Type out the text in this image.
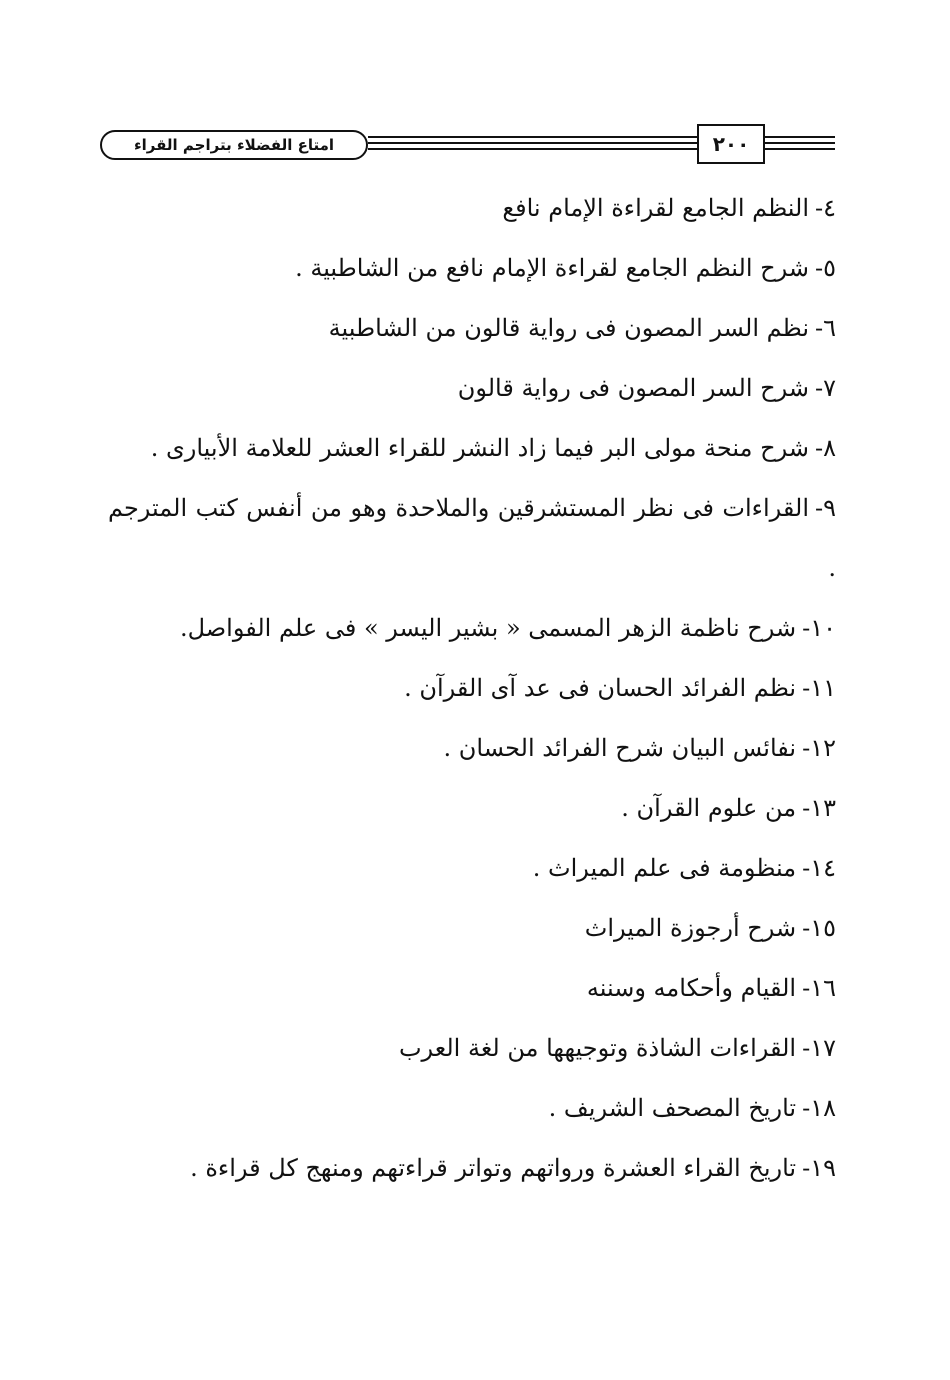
امتاع الفضلاء بتراجم القراء	٢٠٠

٤-النظم الجامع لقراءة الإمام نافع

٥-شرح النظم الجامع لقراءة الإمام نافع من الشاطبية .

٦-نظم السر المصون فى رواية قالون من الشاطبية

٧-شرح السر المصون فى رواية قالون

٨-شرح منحة مولى البر فيما زاد النشر للقراء العشر للعلامة الأبيارى .

٩-القراءات فى نظر المستشرقين والملاحدة وهو من أنفس كتب المترجم .

١٠-شرح ناظمة الزهر المسمى « بشير اليسر » فى علم الفواصل.

١١-نظم الفرائد الحسان فى عد آى القرآن .

١٢-نفائس البيان شرح الفرائد الحسان .

١٣-من علوم القرآن .

١٤-منظومة فى علم الميراث .

١٥-شرح أرجوزة الميراث

١٦-القيام وأحكامه وسننه

١٧-القراءات الشاذة وتوجيهها من لغة العرب

١٨-تاريخ المصحف الشريف .

١٩-تاريخ القراء العشرة ورواتهم وتواتر قراءتهم ومنهج كل قراءة .
